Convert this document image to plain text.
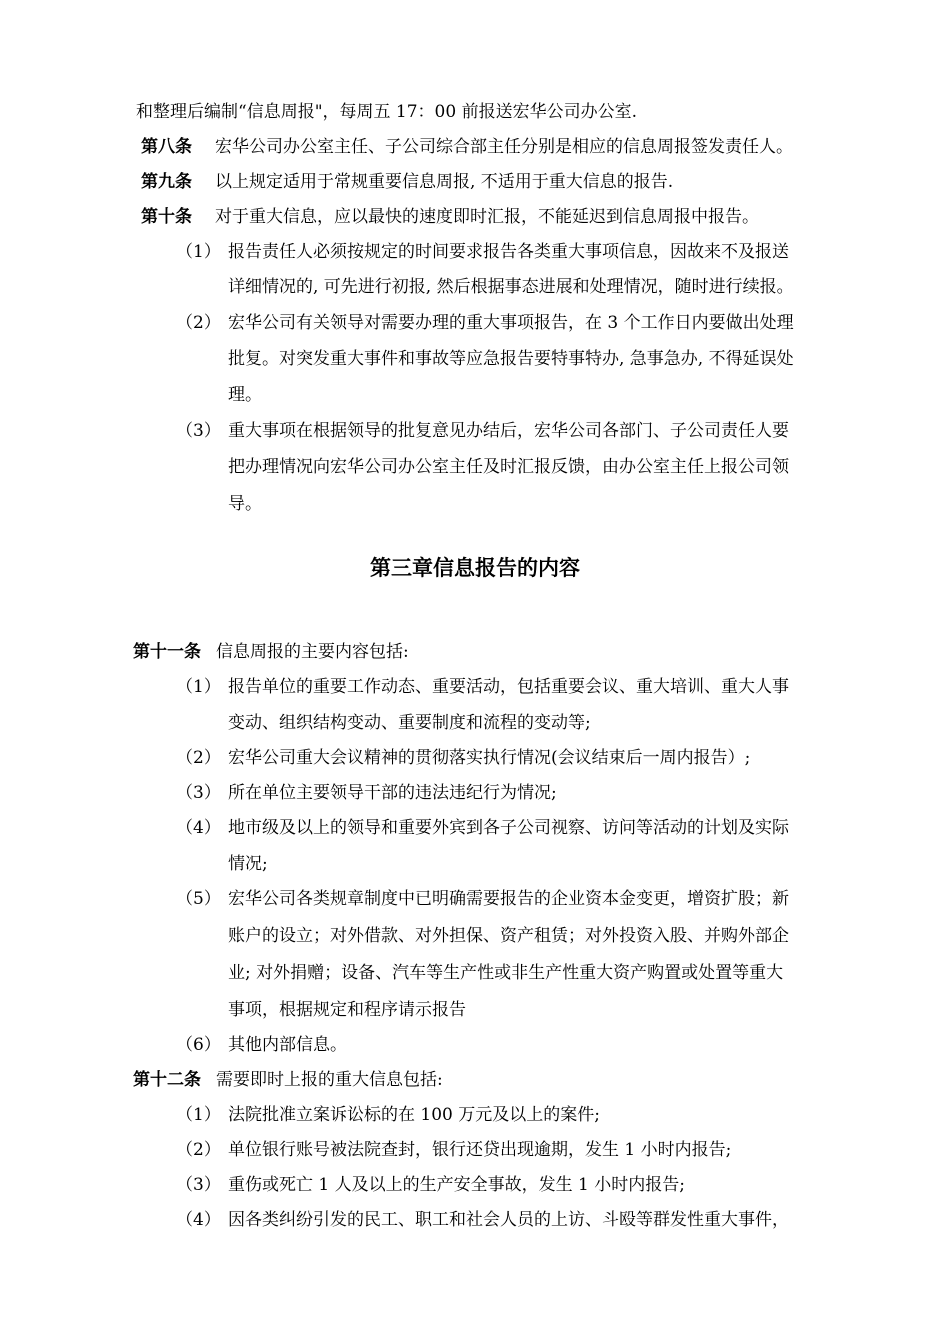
和整理后编制“信息周报"，每周五 17：00 前报送宏华公司办公室.
第八条 宏华公司办公室主任、子公司综合部主任分别是相应的信息周报签发责任人。
第九条 以上规定适用于常规重要信息周报, 不适用于重大信息的报告.
第十条 对于重大信息，应以最快的速度即时汇报，不能延迟到信息周报中报告。
（1） 报告责任人必须按规定的时间要求报告各类重大事项信息，因故来不及报送
详细情况的, 可先进行初报, 然后根据事态进展和处理情况，随时进行续报。
（2） 宏华公司有关领导对需要办理的重大事项报告，在 3 个工作日内要做出处理
批复。对突发重大事件和事故等应急报告要特事特办, 急事急办, 不得延误处
理。
（3） 重大事项在根据领导的批复意见办结后，宏华公司各部门、子公司责任人要
把办理情况向宏华公司办公室主任及时汇报反馈，由办公室主任上报公司领
导。
第三章信息报告的内容
第十一条 信息周报的主要内容包括:
（1） 报告单位的重要工作动态、重要活动，包括重要会议、重大培训、重大人事
变动、组织结构变动、重要制度和流程的变动等;
（2） 宏华公司重大会议精神的贯彻落实执行情况(会议结束后一周内报告）;
（3） 所在单位主要领导干部的违法违纪行为情况;
（4） 地市级及以上的领导和重要外宾到各子公司视察、访问等活动的计划及实际
情况;
（5） 宏华公司各类规章制度中已明确需要报告的企业资本金变更，增资扩股；新
账户的设立；对外借款、对外担保、资产租赁；对外投资入股、并购外部企
业; 对外捐赠；设备、汽车等生产性或非生产性重大资产购置或处置等重大
事项，根据规定和程序请示报告
（6） 其他内部信息。
第十二条 需要即时上报的重大信息包括:
（1） 法院批准立案诉讼标的在 100 万元及以上的案件;
（2） 单位银行账号被法院查封，银行还贷出现逾期，发生 1 小时内报告;
（3） 重伤或死亡 1 人及以上的生产安全事故，发生 1 小时内报告;
（4） 因各类纠纷引发的民工、职工和社会人员的上访、斗殴等群发性重大事件，
